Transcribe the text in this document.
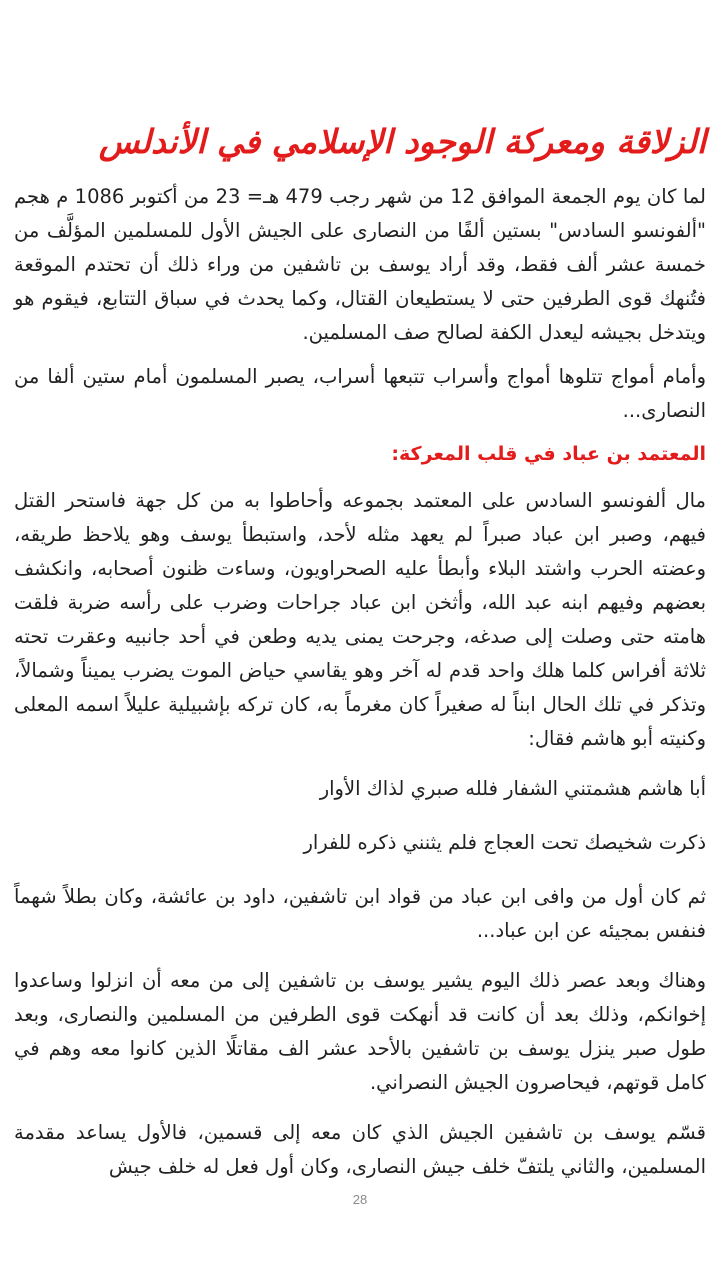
الزلاقة ومعركة الوجود الإسلامي في الأندلس

لما كان يوم الجمعة الموافق 12 من شهر رجب 479 هـ= 23 من أكتوبر 1086 م هجم "ألفونسو السادس" بستين ألفًا من النصارى على الجيش الأول للمسلمين المؤلَّف من خمسة عشر ألف فقط، وقد أراد يوسف بن تاشفين من وراء ذلك أن تحتدم الموقعة فتُنهك قوى الطرفين حتى لا يستطيعان القتال، وكما يحدث في سباق التتابع، فيقوم هو ويتدخل بجيشه ليعدل الكفة لصالح صف المسلمين.

وأمام أمواج تتلوها أمواج وأسراب تتبعها أسراب، يصبر المسلمون أمام ستين ألفا من النصارى...

المعتمد بن عباد في قلب المعركة:

مال ألفونسو السادس على المعتمد بجموعه وأحاطوا به من كل جهة فاستحر القتل فيهم، وصبر ابن عباد صبراً لم يعهد مثله لأحد، واستبطأ يوسف وهو يلاحظ طريقه، وعضته الحرب واشتد البلاء وأبطأ عليه الصحراويون، وساءت ظنون أصحابه، وانكشف بعضهم وفيهم ابنه عبد الله، وأثخن ابن عباد جراحات وضرب على رأسه ضربة فلقت هامته حتى وصلت إلى صدغه، وجرحت يمنى يديه وطعن في أحد جانبيه وعقرت تحته ثلاثة أفراس كلما هلك واحد قدم له آخر وهو يقاسي حياض الموت يضرب يميناً وشمالاً، وتذكر في تلك الحال ابناً له صغيراً كان مغرماً به، كان تركه بإشبيلية عليلاً اسمه المعلى وكنيته أبو هاشم فقال:

أبا هاشم هشمتني الشفار فلله صبري لذاك الأوار

ذكرت شخيصك تحت العجاج فلم يثنني ذكره للفرار

ثم كان أول من وافى ابن عباد من قواد ابن تاشفين، داود بن عائشة، وكان بطلاً شهماً فنفس بمجيئه عن ابن عباد...

وهناك وبعد عصر ذلك اليوم يشير يوسف بن تاشفين إلى من معه أن انزلوا وساعدوا إخوانكم، وذلك بعد أن كانت قد أنهكت قوى الطرفين من المسلمين والنصارى، وبعد طول صبر ينزل يوسف بن تاشفين بالأحد عشر الف مقاتلًا الذين كانوا معه وهم في كامل قوتهم، فيحاصرون الجيش النصراني.

قسّم يوسف بن تاشفين الجيش الذي كان معه إلى قسمين، فالأول يساعد مقدمة المسلمين، والثاني يلتفّ خلف جيش النصارى، وكان أول فعل له خلف جيش

28
